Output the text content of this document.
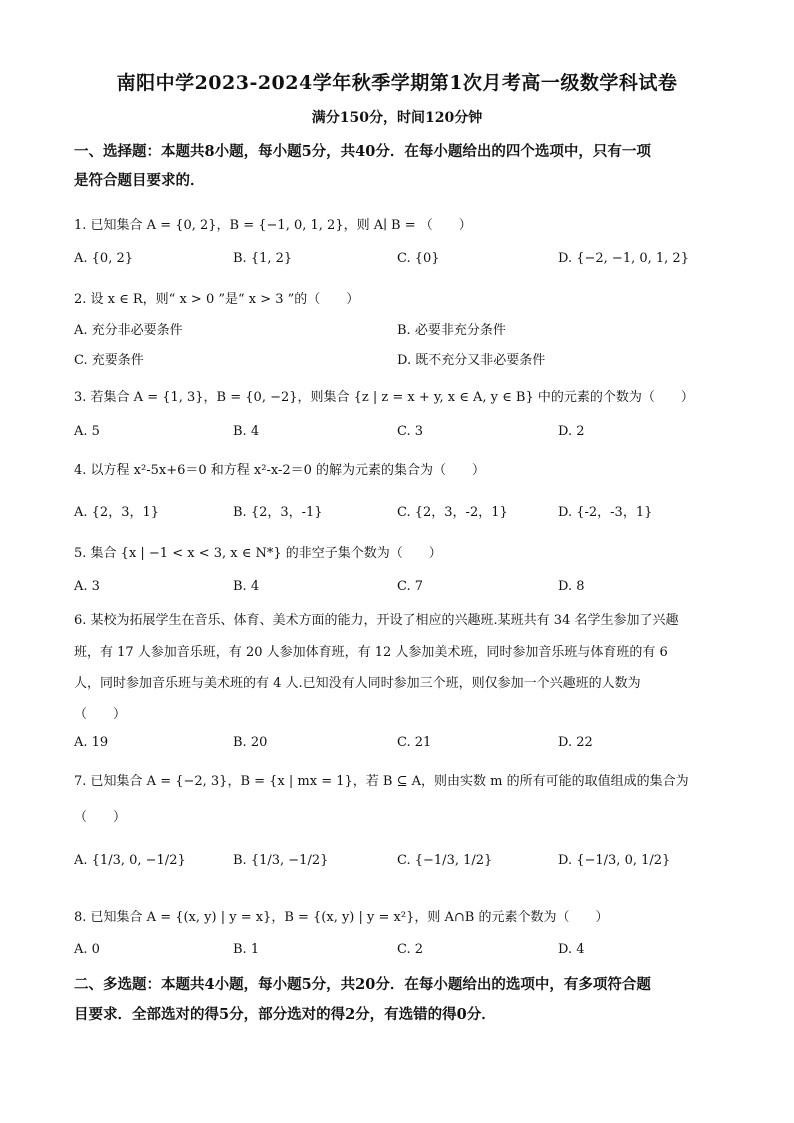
南阳中学2023-2024学年秋季学期第1次月考高一级数学科试卷
满分150分，时间120分钟
一、选择题：本题共8小题，每小题5分，共40分．在每小题给出的四个选项中，只有一项
是符合题目要求的．
1. 已知集合 A = {0, 2}，B = {−1, 0, 1, 2}，则 A∣ B = （　　）
A. {0, 2}	B. {1, 2}	C. {0}	D. {−2, −1, 0, 1, 2}
2. 设 x ∈ R，则“ x > 0 ”是“ x > 3 ”的（　　）
A. 充分非必要条件	B. 必要非充分条件
C. 充要条件	D. 既不充分又非必要条件
3. 若集合 A = {1, 3}，B = {0, −2}，则集合 {z | z = x + y, x ∈ A, y ∈ B} 中的元素的个数为（　　）
A. 5	B. 4	C. 3	D. 2
4. 以方程 x²-5x+6＝0 和方程 x²-x-2＝0 的解为元素的集合为（　　）
A. {2，3，1}	B. {2，3，-1}	C. {2，3，-2，1}	D. {-2，-3，1}
5. 集合 {x | −1 < x < 3, x ∈ N*} 的非空子集个数为（　　）
A. 3	B. 4	C. 7	D. 8
6. 某校为拓展学生在音乐、体育、美术方面的能力，开设了相应的兴趣班.某班共有 34 名学生参加了兴趣
班，有 17 人参加音乐班，有 20 人参加体育班，有 12 人参加美术班，同时参加音乐班与体育班的有 6
人，同时参加音乐班与美术班的有 4 人.已知没有人同时参加三个班，则仅参加一个兴趣班的人数为
（　　）
A. 19	B. 20	C. 21	D. 22
7. 已知集合 A = {−2, 3}，B = {x | mx = 1}，若 B ⊆ A，则由实数 m 的所有可能的取值组成的集合为
（　　）
A. {1/3, 0, −1/2}	B. {1/3, −1/2}	C. {−1/3, 1/2}	D. {−1/3, 0, 1/2}
8. 已知集合 A = {(x, y) | y = x}，B = {(x, y) | y = x²}，则 A∩B 的元素个数为（　　）
A. 0	B. 1	C. 2	D. 4
二、多选题：本题共4小题，每小题5分，共20分．在每小题给出的选项中，有多项符合题
目要求．全部选对的得5分，部分选对的得2分，有选错的得0分．
